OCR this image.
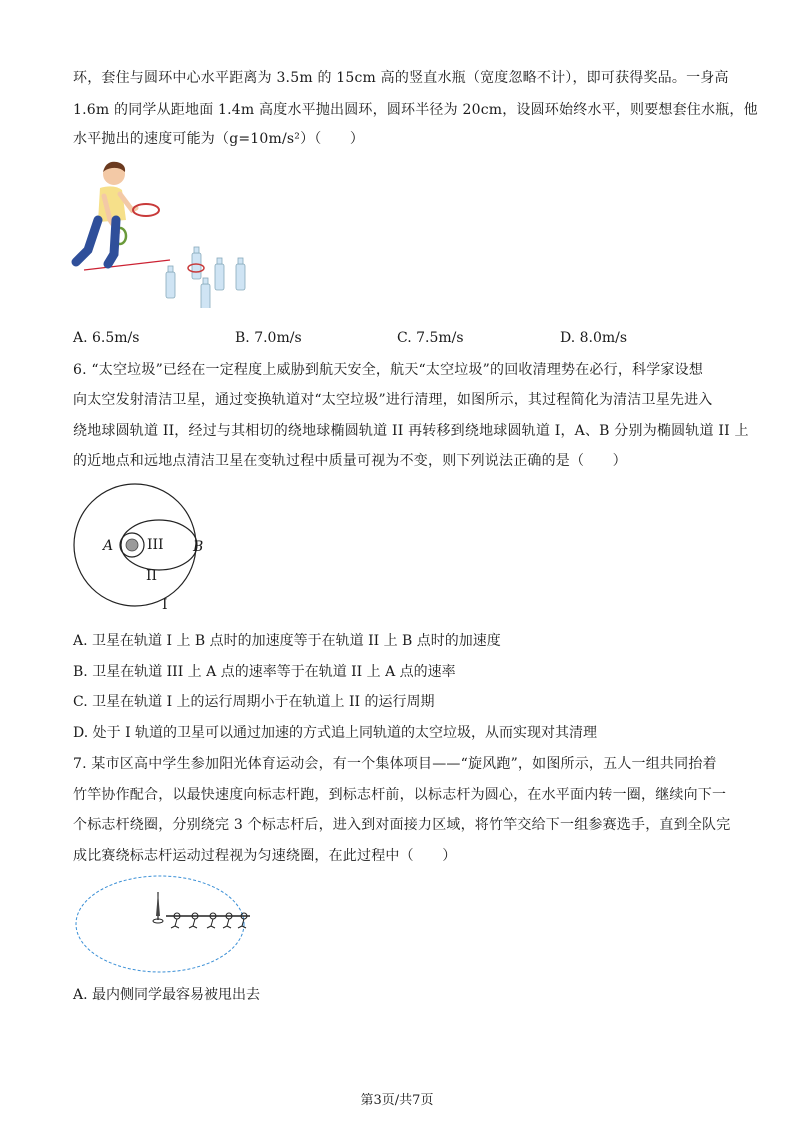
环，套住与圆环中心水平距离为 3.5m 的 15cm 高的竖直水瓶（宽度忽略不计），即可获得奖品。一身高
1.6m 的同学从距地面 1.4m 高度水平抛出圆环，圆环半径为 20cm，设圆环始终水平，则要想套住水瓶，他
水平抛出的速度可能为（g=10m/s²）（　　）
A. 6.5m/s	B. 7.0m/s	C. 7.5m/s	D. 8.0m/s
6. “太空垃圾”已经在一定程度上威胁到航天安全，航天“太空垃圾”的回收清理势在必行，科学家设想
向太空发射清洁卫星，通过变换轨道对“太空垃圾”进行清理，如图所示，其过程简化为清洁卫星先进入
绕地球圆轨道 II，经过与其相切的绕地球椭圆轨道 II 再转移到绕地球圆轨道 I，A、B 分别为椭圆轨道 II 上
的近地点和远地点清洁卫星在变轨过程中质量可视为不变，则下列说法正确的是（　　）
A III B
II
I
A. 卫星在轨道 I 上 B 点时的加速度等于在轨道 II 上 B 点时的加速度
B. 卫星在轨道 III 上 A 点的速率等于在轨道 II 上 A 点的速率
C. 卫星在轨道 I 上的运行周期小于在轨道上 II 的运行周期
D. 处于 I 轨道的卫星可以通过加速的方式追上同轨道的太空垃圾，从而实现对其清理
7. 某市区高中学生参加阳光体育运动会，有一个集体项目——“旋风跑”，如图所示，五人一组共同抬着
竹竿协作配合，以最快速度向标志杆跑，到标志杆前，以标志杆为圆心，在水平面内转一圈，继续向下一
个标志杆绕圈，分别绕完 3 个标志杆后，进入到对面接力区域，将竹竿交给下一组参赛选手，直到全队完
成比赛绕标志杆运动过程视为匀速绕圈，在此过程中（　　）
A. 最内侧同学最容易被甩出去
第3页/共7页
